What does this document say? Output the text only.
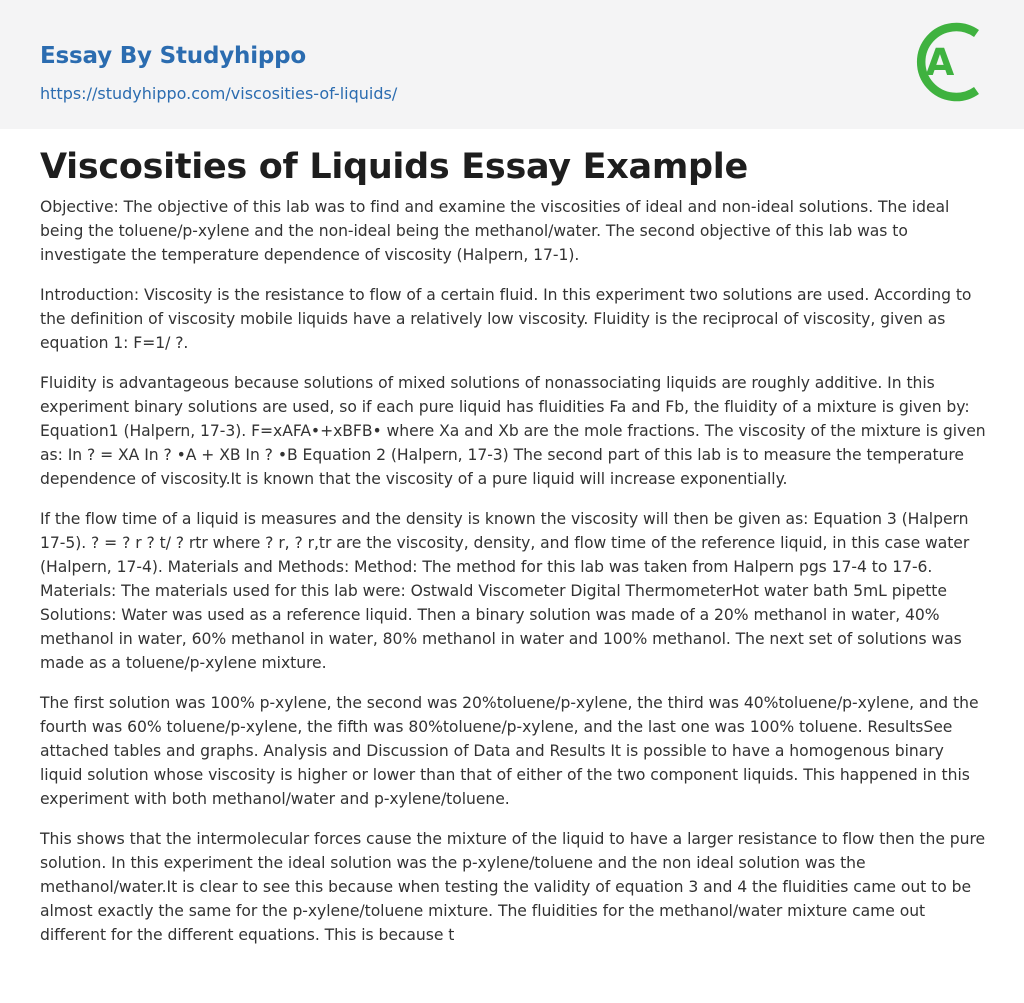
Essay By Studyhippo
https://studyhippo.com/viscosities-of-liquids/
A
Viscosities of Liquids Essay Example

Objective: The objective of this lab was to find and examine the viscosities of ideal and non-ideal solutions. The ideal being the toluene/p-xylene and the non-ideal being the methanol/water. The second objective of this lab was to investigate the temperature dependence of viscosity (Halpern, 17-1).

Introduction: Viscosity is the resistance to flow of a certain fluid. In this experiment two solutions are used. According to the definition of viscosity mobile liquids have a relatively low viscosity. Fluidity is the reciprocal of viscosity, given as equation 1: F=1/ ?.

Fluidity is advantageous because solutions of mixed solutions of nonassociating liquids are roughly additive. In this experiment binary solutions are used, so if each pure liquid has fluidities Fa and Fb, the fluidity of a mixture is given by: Equation1 (Halpern, 17-3). F=xAFA•+xBFB• where Xa and Xb are the mole fractions. The viscosity of the mixture is given as: In ? = XA In ? •A + XB In ? •B Equation 2 (Halpern, 17-3) The second part of this lab is to measure the temperature dependence of viscosity.It is known that the viscosity of a pure liquid will increase exponentially.

If the flow time of a liquid is measures and the density is known the viscosity will then be given as: Equation 3 (Halpern 17-5). ? = ? r ? t/ ? rtr where ? r, ? r,tr are the viscosity, density, and flow time of the reference liquid, in this case water (Halpern, 17-4). Materials and Methods: Method: The method for this lab was taken from Halpern pgs 17-4 to 17-6. Materials: The materials used for this lab were: Ostwald Viscometer Digital ThermometerHot water bath 5mL pipette Solutions: Water was used as a reference liquid. Then a binary solution was made of a 20% methanol in water, 40% methanol in water, 60% methanol in water, 80% methanol in water and 100% methanol. The next set of solutions was made as a toluene/p-xylene mixture.

The first solution was 100% p-xylene, the second was 20%toluene/p-xylene, the third was 40%toluene/p-xylene, and the fourth was 60% toluene/p-xylene, the fifth was 80%toluene/p-xylene, and the last one was 100% toluene. ResultsSee attached tables and graphs. Analysis and Discussion of Data and Results It is possible to have a homogenous binary liquid solution whose viscosity is higher or lower than that of either of the two component liquids. This happened in this experiment with both methanol/water and p-xylene/toluene.

This shows that the intermolecular forces cause the mixture of the liquid to have a larger resistance to flow then the pure solution. In this experiment the ideal solution was the p-xylene/toluene and the non ideal solution was the methanol/water.It is clear to see this because when testing the validity of equation 3 and 4 the fluidities came out to be almost exactly the same for the p-xylene/toluene mixture. The fluidities for the methanol/water mixture came out different for the different equations. This is because t
